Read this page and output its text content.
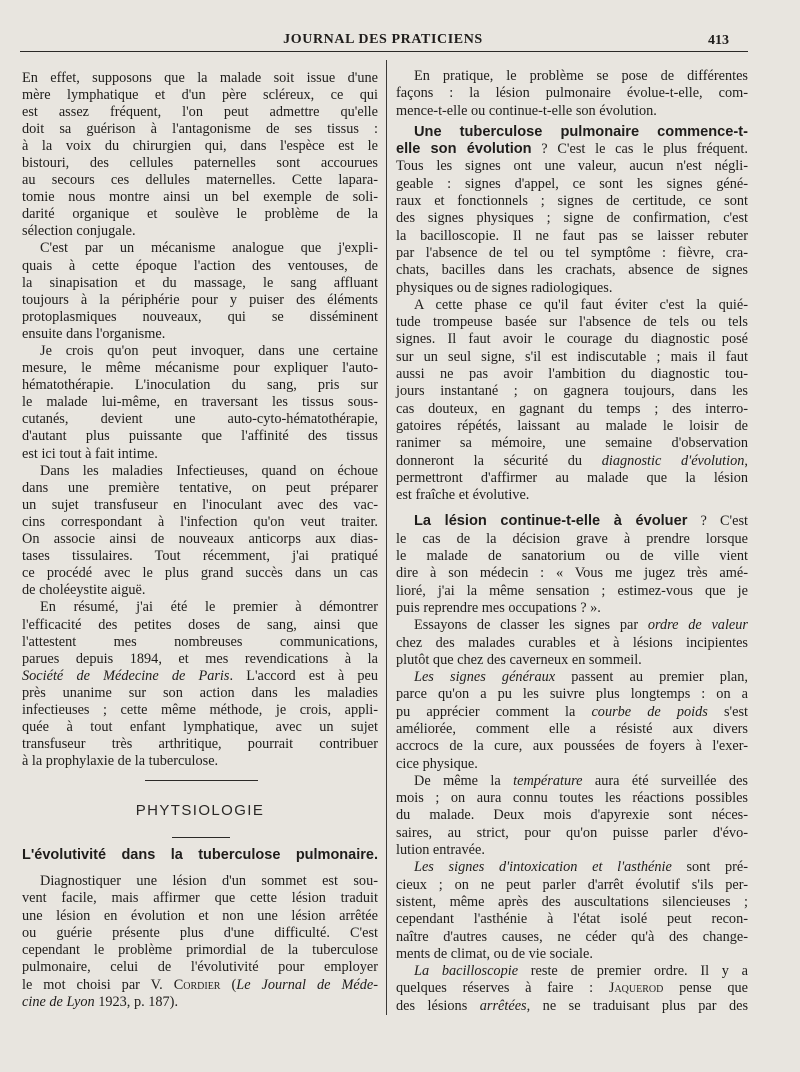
JOURNAL DES PRATICIENS	413
En effet, supposons que la malade soit issue d'une
mère lymphatique et d'un père scléreux, ce qui
est assez fréquent, l'on peut admettre qu'elle
doit sa guérison à l'antagonisme de ses tissus :
à la voix du chirurgien qui, dans l'espèce est le
bistouri, des cellules paternelles sont accourues
au secours ces dellules maternelles. Cette lapara-
tomie nous montre ainsi un bel exemple de soli-
darité organique et soulève le problème de la
sélection conjugale.
C'est par un mécanisme analogue que j'expli-
quais à cette époque l'action des ventouses, de
la sinapisation et du massage, le sang affluant
toujours à la périphérie pour y puiser des éléments
protoplasmiques nouveaux, qui se disséminent
ensuite dans l'organisme.
Je crois qu'on peut invoquer, dans une certaine
mesure, le même mécanisme pour expliquer l'auto-
hématothérapie. L'inoculation du sang, pris sur
le malade lui-même, en traversant les tissus sous-
cutanés, devient une auto-cyto-hématothérapie,
d'autant plus puissante que l'affinité des tissus
est ici tout à fait intime.
Dans les maladies Infectieuses, quand on échoue
dans une première tentative, on peut préparer
un sujet transfuseur en l'inoculant avec des vac-
cins correspondant à l'infection qu'on veut traiter.
On associe ainsi de nouveaux anticorps aux dias-
tases tissulaires. Tout récemment, j'ai pratiqué
ce procédé avec le plus grand succès dans un cas
de choléeystite aiguë.
En résumé, j'ai été le premier à démontrer
l'efficacité des petites doses de sang, ainsi que
l'attestent mes nombreuses communications,
parues depuis 1894, et mes revendications à la
Société de Médecine de Paris. L'accord est à peu
près unanime sur son action dans les maladies
infectieuses ; cette même méthode, je crois, appli-
quée à tout enfant lymphatique, avec un sujet
transfuseur très arthritique, pourrait contribuer
à la prophylaxie de la tuberculose.
PHYTSIOLOGIE
L'évolutivité dans la tuberculose pulmonaire.
Diagnostiquer une lésion d'un sommet est sou-
vent facile, mais affirmer que cette lésion traduit
une lésion en évolution et non une lésion arrêtée
ou guérie présente plus d'une difficulté. C'est
cependant le problème primordial de la tuberculose
pulmonaire, celui de l'évolutivité pour employer
le mot choisi par V. Cordier (Le Journal de Méde-
cine de Lyon 1923, p. 187).
En pratique, le problème se pose de différentes
façons : la lésion pulmonaire évolue-t-elle, com-
mence-t-elle ou continue-t-elle son évolution.
Une tuberculose pulmonaire commence-t-
elle son évolution ? C'est le cas le plus fréquent.
Tous les signes ont une valeur, aucun n'est négli-
geable : signes d'appel, ce sont les signes géné-
raux et fonctionnels ; signes de certitude, ce sont
des signes physiques ; signe de confirmation, c'est
la bacilloscopie. Il ne faut pas se laisser rebuter
par l'absence de tel ou tel symptôme : fièvre, cra-
chats, bacilles dans les crachats, absence de signes
physiques ou de signes radiologiques.
A cette phase ce qu'il faut éviter c'est la quié-
tude trompeuse basée sur l'absence de tels ou tels
signes. Il faut avoir le courage du diagnostic posé
sur un seul signe, s'il est indiscutable ; mais il faut
aussi ne pas avoir l'ambition du diagnostic tou-
jours instantané ; on gagnera toujours, dans les
cas douteux, en gagnant du temps ; des interro-
gatoires répétés, laissant au malade le loisir de
ranimer sa mémoire, une semaine d'observation
donneront la sécurité du diagnostic d'évolution,
permettront d'affirmer au malade que la lésion
est fraîche et évolutive.
La lésion continue-t-elle à évoluer ? C'est
le cas de la décision grave à prendre lorsque
le malade de sanatorium ou de ville vient
dire à son médecin : « Vous me jugez très amé-
lioré, j'ai la même sensation ; estimez-vous que je
puis reprendre mes occupations ? ».
Essayons de classer les signes par ordre de valeur
chez des malades curables et à lésions incipientes
plutôt que chez des caverneux en sommeil.
Les signes généraux passent au premier plan,
parce qu'on a pu les suivre plus longtemps : on a
pu apprécier comment la courbe de poids s'est
améliorée, comment elle a résisté aux divers
accrocs de la cure, aux poussées de foyers à l'exer-
cice physique.
De même la température aura été surveillée des
mois ; on aura connu toutes les réactions possibles
du malade. Deux mois d'apyrexie sont néces-
saires, au strict, pour qu'on puisse parler d'évo-
lution entravée.
Les signes d'intoxication et l'asthénie sont pré-
cieux ; on ne peut parler d'arrêt évolutif s'ils per-
sistent, même après des auscultations silencieuses ;
cependant l'asthénie à l'état isolé peut recon-
naître d'autres causes, ne céder qu'à des change-
ments de climat, ou de vie sociale.
La bacilloscopie reste de premier ordre. Il y a
quelques réserves à faire : Jaquerod pense que
des lésions arrêtées, ne se traduisant plus par des
